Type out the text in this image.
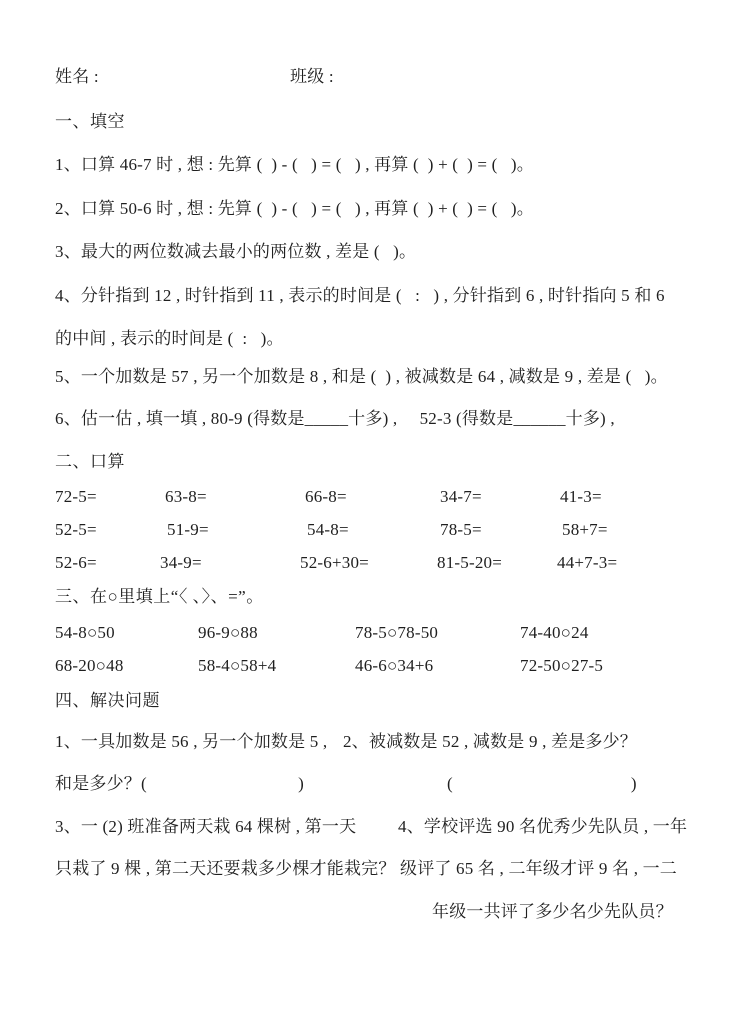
姓名 :	班级 :
一、填空
1、口算 46-7 时 , 想 : 先算 (  ) - (   ) = (   ) , 再算 (  ) + (  ) = (   )。
2、口算 50-6 时 , 想 : 先算 (  ) - (   ) = (   ) , 再算 (  ) + (  ) = (   )。
3、最大的两位数减去最小的两位数 , 差是 (   )。
4、分针指到 12 , 时针指到 11 , 表示的时间是 (   :   ) , 分针指到 6 , 时针指向 5 和 6
的中间 , 表示的时间是 (  :   )。
5、一个加数是 57 , 另一个加数是 8 , 和是 (  ) , 被减数是 64 , 减数是 9 , 差是 (   )。
6、估一估 , 填一填 , 80-9 (得数是_____十多) ,     52-3 (得数是______十多) ,
二、口算
72-5=	63-8=	66-8=	34-7=	41-3=
52-5=	51-9=	54-8=	78-5=	58+7=
52-6=	34-9=	52-6+30=	81-5-20=	44+7-3=
三、在○里填上“〈 、〉、=”。
54-8○50	96-9○88	78-5○78-50	74-40○24
68-20○48	58-4○58+4	46-6○34+6	72-50○27-5
四、解决问题
1、一具加数是 56 , 另一个加数是 5 , 2、被减数是 52 , 减数是 9 , 差是多少？
和是多少？(                                  )	(                                        )
3、一 (2) 班准备两天栽 64 棵树 , 第一天 4、学校评选 90 名优秀少先队员 , 一年
只栽了 9 棵 , 第二天还要栽多少棵才能栽完？ 级评了 65 名 , 二年级才评 9 名 , 一二
年级一共评了多少名少先队员？
